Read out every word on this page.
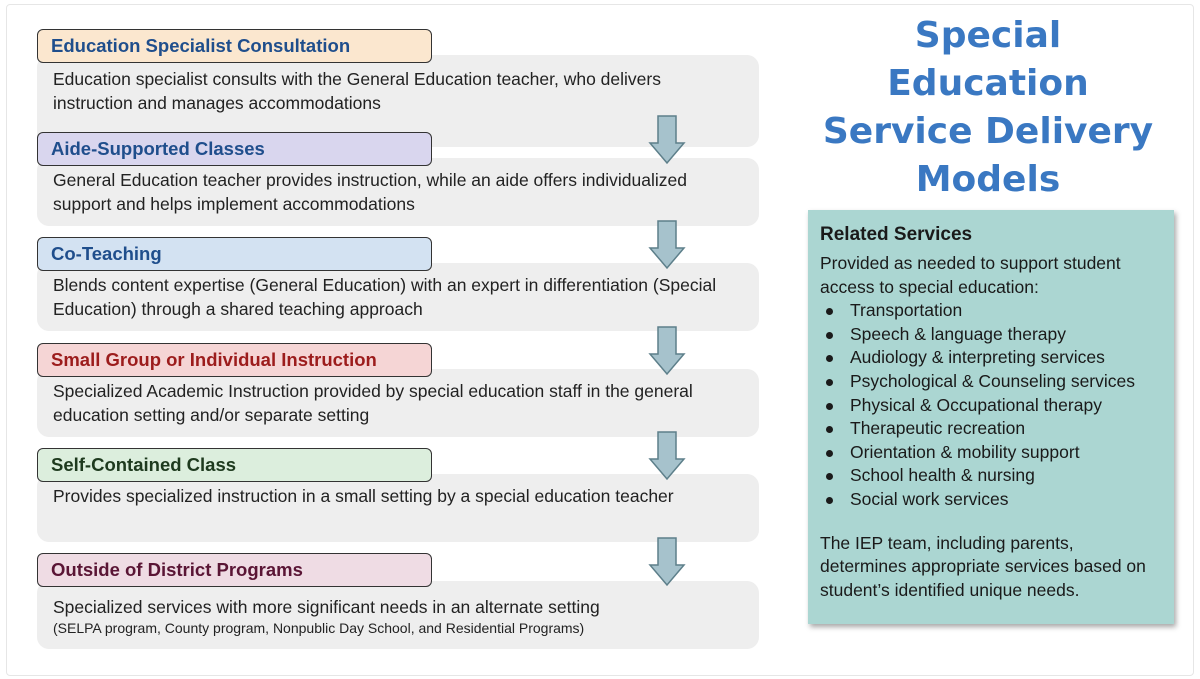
Education Specialist Consultation
Education specialist consults with the General Education teacher, who delivers instruction and manages accommodations
Aide-Supported Classes
General Education teacher provides instruction, while an aide offers individualized support and helps implement accommodations
Co-Teaching
Blends content expertise (General Education) with an expert in differentiation (Special Education) through a shared teaching approach
Small Group or Individual Instruction
Specialized Academic Instruction provided by special education staff in the general education setting and/or separate setting
Self-Contained Class
Provides specialized instruction in a small setting by a special education teacher
Outside of District Programs
Specialized services with more significant needs in an alternate setting
(SELPA program, County program, Nonpublic Day School, and Residential Programs)
Special
Education
Service Delivery
Models
Related Services
Provided as needed to support student access to special education:
Transportation
Speech & language therapy
Audiology & interpreting services
Psychological & Counseling services
Physical & Occupational therapy
Therapeutic recreation
Orientation & mobility support
School health & nursing
Social work services
The IEP team, including parents, determines appropriate services based on student’s identified unique needs.
